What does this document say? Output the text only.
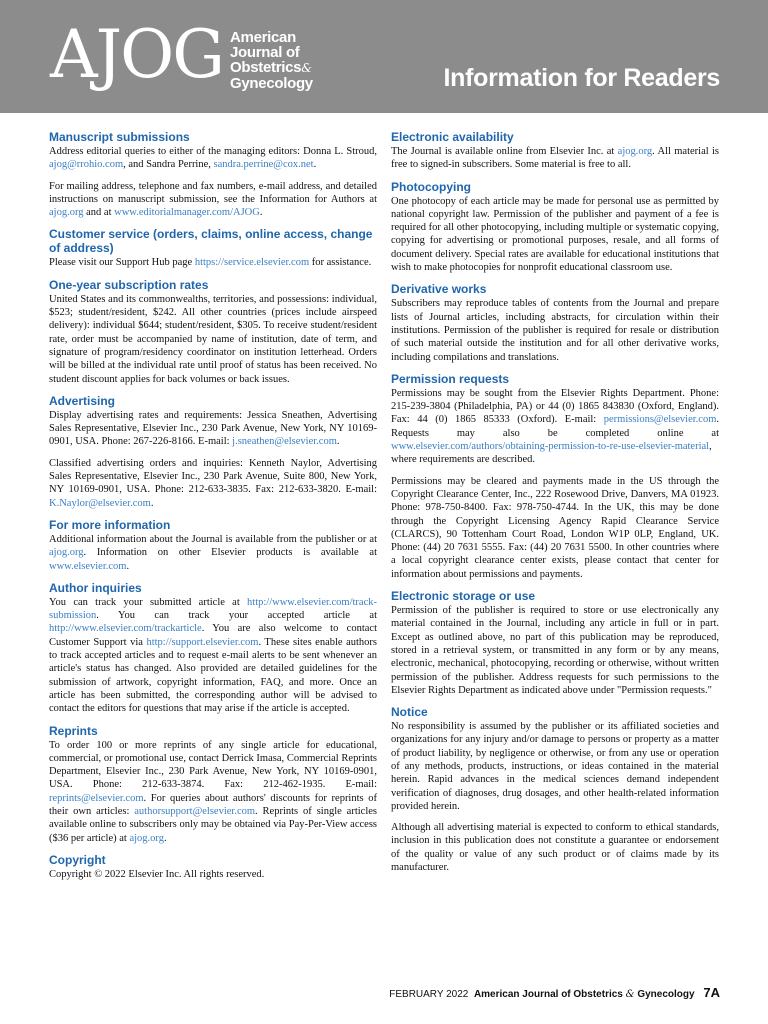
AJOG American
Journal of
Obstetrics&
Gynecology	Information for Readers
Manuscript submissions

Address editorial queries to either of the managing editors: Donna L. Stroud, ajog@rrohio.com, and Sandra Perrine, sandra.perrine@cox.net.

For mailing address, telephone and fax numbers, e-mail address, and detailed instructions on manuscript submission, see the Information for Authors at ajog.org and at www.editorialmanager.com/AJOG.

Customer service (orders, claims, online access, change of address)

Please visit our Support Hub page https://service.elsevier.com for assistance.

One-year subscription rates

United States and its commonwealths, territories, and possessions: individual, $523; student/resident, $242. All other countries (prices include airspeed delivery): individual $644; student/resident, $305. To receive student/resident rate, order must be accompanied by name of institution, date of term, and signature of program/residency coordinator on institution letterhead. Orders will be billed at the individual rate until proof of status has been received. No student discount applies for back volumes or back issues.

Advertising

Display advertising rates and requirements: Jessica Sneathen, Advertising Sales Representative, Elsevier Inc., 230 Park Avenue, New York, NY 10169-0901, USA. Phone: 267-226-8166. E-mail: j.sneathen@elsevier.com.

Classified advertising orders and inquiries: Kenneth Naylor, Advertising Sales Representative, Elsevier Inc., 230 Park Avenue, Suite 800, New York, NY 10169-0901, USA. Phone: 212-633-3835. Fax: 212-633-3820. E-mail: K.Naylor@elsevier.com.

For more information

Additional information about the Journal is available from the publisher or at ajog.org. Information on other Elsevier products is available at www.elsevier.com.

Author inquiries

You can track your submitted article at http://www.elsevier.com/track-submission. You can track your accepted article at http://www.elsevier.com/trackarticle. You are also welcome to contact Customer Support via http://support.elsevier.com. These sites enable authors to track accepted articles and to request e-mail alerts to be sent whenever an article's status has changed. Also provided are detailed guidelines for the submission of artwork, copyright information, FAQ, and more. Once an article has been submitted, the corresponding author will be advised to contact the editors for questions that may arise if the article is accepted.

Reprints

To order 100 or more reprints of any single article for educational, commercial, or promotional use, contact Derrick Imasa, Commercial Reprints Department, Elsevier Inc., 230 Park Avenue, New York, NY 10169-0901, USA. Phone: 212-633-3874. Fax: 212-462-1935. E-mail: reprints@elsevier.com. For queries about authors' discounts for reprints of their own articles: authorsupport@elsevier.com. Reprints of single articles available online to subscribers only may be obtained via Pay-Per-View access ($36 per article) at ajog.org.

Copyright

Copyright © 2022 Elsevier Inc. All rights reserved.

Electronic availability

The Journal is available online from Elsevier Inc. at ajog.org. All material is free to signed-in subscribers. Some material is free to all.

Photocopying

One photocopy of each article may be made for personal use as permitted by national copyright law. Permission of the publisher and payment of a fee is required for all other photocopying, including multiple or systematic copying, copying for advertising or promotional purposes, resale, and all forms of document delivery. Special rates are available for educational institutions that wish to make photocopies for nonprofit educational classroom use.

Derivative works

Subscribers may reproduce tables of contents from the Journal and prepare lists of Journal articles, including abstracts, for circulation within their institutions. Permission of the publisher is required for resale or distribution of such material outside the institution and for all other derivative works, including compilations and translations.

Permission requests

Permissions may be sought from the Elsevier Rights Department. Phone: 215-239-3804 (Philadelphia, PA) or 44 (0) 1865 843830 (Oxford, England). Fax: 44 (0) 1865 85333 (Oxford). E-mail: permissions@elsevier.com. Requests may also be completed online at www.elsevier.com/authors/obtaining-permission-to-re-use-elsevier-material, where requirements are described.

Permissions may be cleared and payments made in the US through the Copyright Clearance Center, Inc., 222 Rosewood Drive, Danvers, MA 01923. Phone: 978-750-8400. Fax: 978-750-4744. In the UK, this may be done through the Copyright Licensing Agency Rapid Clearance Service (CLARCS), 90 Tottenham Court Road, London W1P 0LP, England, UK. Phone: (44) 20 7631 5555. Fax: (44) 20 7631 5500. In other countries where a local copyright clearance center exists, please contact that center for information about permissions and payments.

Electronic storage or use

Permission of the publisher is required to store or use electronically any material contained in the Journal, including any article in full or in part. Except as outlined above, no part of this publication may be reproduced, stored in a retrieval system, or transmitted in any form or by any means, electronic, mechanical, photocopying, recording or otherwise, without written permission of the publisher. Address requests for such permissions to the Elsevier Rights Department as indicated above under "Permission requests."

Notice

No responsibility is assumed by the publisher or its affiliated societies and organizations for any injury and/or damage to persons or property as a matter of product liability, by negligence or otherwise, or from any use or operation of any methods, products, instructions, or ideas contained in the material herein. Rapid advances in the medical sciences demand independent verification of diagnoses, drug dosages, and other health-related information provided herein.

Although all advertising material is expected to conform to ethical standards, inclusion in this publication does not constitute a guarantee or endorsement of the quality or value of any such product or of claims made by its manufacturer.

FEBRUARY 2022 American Journal of Obstetrics & Gynecology 7A
